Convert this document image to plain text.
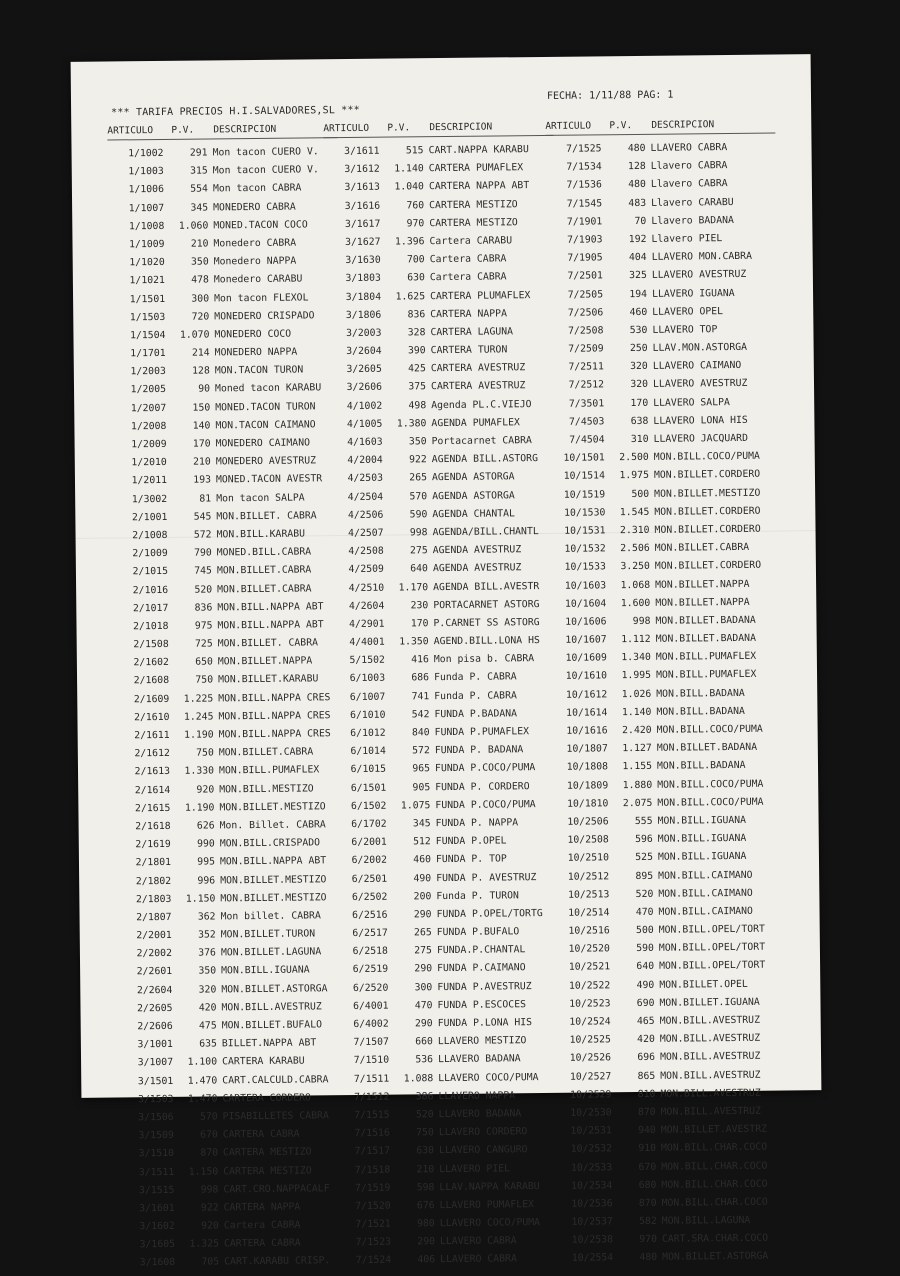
*** TARIFA PRECIOS H.I.SALVADORES,SL ***
FECHA: 1/11/88 PAG: 1
ARTICULO	P.V.	DESCRIPCION
1/1002	291 Mon tacon CUERO V.
1/1003	315 Mon tacon CUERO V.
1/1006	554 Mon tacon CABRA
1/1007	345 MONEDERO CABRA
1/1008	1.060 MONED.TACON COCO
1/1009	210 Monedero CABRA
1/1020	350 Monedero NAPPA
1/1021	478 Monedero CARABU
1/1501	300 Mon tacon FLEXOL
1/1503	720 MONEDERO CRISPADO
1/1504	1.070 MONEDERO COCO
1/1701	214 MONEDERO NAPPA
1/2003	128 MON.TACON TURON
1/2005	90 Moned tacon KARABU
1/2007	150 MONED.TACON TURON
1/2008	140 MON.TACON CAIMANO
1/2009	170 MONEDERO CAIMANO
1/2010	210 MONEDERO AVESTRUZ
1/2011	193 MONED.TACON AVESTR
1/3002	81 Mon tacon SALPA
2/1001	545 MON.BILLET. CABRA
2/1008	572 MON.BILL.KARABU
2/1009	790 MONED.BILL.CABRA
2/1015	745 MON.BILLET.CABRA
2/1016	520 MON.BILLET.CABRA
2/1017	836 MON.BILL.NAPPA ABT
2/1018	975 MON.BILL.NAPPA ABT
2/1508	725 MON.BILLET. CABRA
2/1602	650 MON.BILLET.NAPPA
2/1608	750 MON.BILLET.KARABU
2/1609	1.225 MON.BILL.NAPPA CRES
2/1610	1.245 MON.BILL.NAPPA CRES
2/1611	1.190 MON.BILL.NAPPA CRES
2/1612	750 MON.BILLET.CABRA
2/1613	1.330 MON.BILL.PUMAFLEX
2/1614	920 MON.BILL.MESTIZO
2/1615	1.190 MON.BILLET.MESTIZO
2/1618	626 Mon. Billet. CABRA
2/1619	990 MON.BILL.CRISPADO
2/1801	995 MON.BILL.NAPPA ABT
2/1802	996 MON.BILLET.MESTIZO
2/1803	1.150 MON.BILLET.MESTIZO
2/1807	362 Mon billet. CABRA
2/2001	352 MON.BILLET.TURON
2/2002	376 MON.BILLET.LAGUNA
2/2601	350 MON.BILL.IGUANA
2/2604	320 MON.BILLET.ASTORGA
2/2605	420 MON.BILL.AVESTRUZ
2/2606	475 MON.BILLET.BUFALO
3/1001	635 BILLET.NAPPA ABT
3/1007	1.100 CARTERA KARABU
3/1501	1.470 CART.CALCULD.CABRA
3/1503	1.470 CARTERA CORDERO
3/1506	570 PISABILLETES CABRA
3/1509	670 CARTERA CABRA
3/1510	870 CARTERA MESTIZO
3/1511	1.150 CARTERA MESTIZO
3/1515	998 CART.CRO.NAPPACALF
3/1601	922 CARTERA NAPPA
3/1602	920 Cartera CABRA
3/1605	1.325 CARTERA CABRA
3/1608	705 CART.KARABU CRISP.
ARTICULO	P.V.	DESCRIPCION
3/1611	515 CART.NAPPA KARABU
3/1612	1.140 CARTERA PUMAFLEX
3/1613	1.040 CARTERA NAPPA ABT
3/1616	760 CARTERA MESTIZO
3/1617	970 CARTERA MESTIZO
3/1627	1.396 Cartera CARABU
3/1630	700 Cartera CABRA
3/1803	630 Cartera CABRA
3/1804	1.625 CARTERA PLUMAFLEX
3/1806	836 CARTERA NAPPA
3/2003	328 CARTERA LAGUNA
3/2604	390 CARTERA TURON
3/2605	425 CARTERA AVESTRUZ
3/2606	375 CARTERA AVESTRUZ
4/1002	498 Agenda PL.C.VIEJO
4/1005	1.380 AGENDA PUMAFLEX
4/1603	350 Portacarnet CABRA
4/2004	922 AGENDA BILL.ASTORG
4/2503	265 AGENDA ASTORGA
4/2504	570 AGENDA ASTORGA
4/2506	590 AGENDA CHANTAL
4/2507	998 AGENDA/BILL.CHANTL
4/2508	275 AGENDA AVESTRUZ
4/2509	640 AGENDA AVESTRUZ
4/2510	1.170 AGENDA BILL.AVESTR
4/2604	230 PORTACARNET ASTORG
4/2901	170 P.CARNET SS ASTORG
4/4001	1.350 AGEND.BILL.LONA HS
5/1502	416 Mon pisa b. CABRA
6/1003	686 Funda P. CABRA
6/1007	741 Funda P. CABRA
6/1010	542 FUNDA P.BADANA
6/1012	840 FUNDA P.PUMAFLEX
6/1014	572 FUNDA P. BADANA
6/1015	965 FUNDA P.COCO/PUMA
6/1501	905 FUNDA P. CORDERO
6/1502	1.075 FUNDA P.COCO/PUMA
6/1702	345 FUNDA P. NAPPA
6/2001	512 FUNDA P.OPEL
6/2002	460 FUNDA P. TOP
6/2501	490 FUNDA P. AVESTRUZ
6/2502	200 Funda P. TURON
6/2516	290 FUNDA P.OPEL/TORTG
6/2517	265 FUNDA P.BUFALO
6/2518	275 FUNDA.P.CHANTAL
6/2519	290 FUNDA P.CAIMANO
6/2520	300 FUNDA P.AVESTRUZ
6/4001	470 FUNDA P.ESCOCES
6/4002	290 FUNDA P.LONA HIS
7/1507	660 LLAVERO MESTIZO
7/1510	536 LLAVERO BADANA
7/1511	1.088 LLAVERO COCO/PUMA
7/1512	386 LLAVERO NAPPA
7/1515	520 LLAVERO BADANA
7/1516	750 LLAVERO CORDERO
7/1517	630 LLAVERO CANGURO
7/1518	210 LLAVERO PIEL
7/1519	598 LLAV.NAPPA KARABU
7/1520	676 LLAVERO PUMAFLEX
7/1521	980 LLAVERO COCO/PUMA
7/1523	290 LLAVERO CABRA
7/1524	406 LLAVERO CABRA
ARTICULO	P.V.	DESCRIPCION
7/1525	480 LLAVERO CABRA
7/1534	128 Llavero CABRA
7/1536	480 Llavero CABRA
7/1545	483 Llavero CARABU
7/1901	70 Llavero BADANA
7/1903	192 Llavero PIEL
7/1905	404 LLAVERO MON.CABRA
7/2501	325 LLAVERO AVESTRUZ
7/2505	194 LLAVERO IGUANA
7/2506	460 LLAVERO OPEL
7/2508	530 LLAVERO TOP
7/2509	250 LLAV.MON.ASTORGA
7/2511	320 LLAVERO CAIMANO
7/2512	320 LLAVERO AVESTRUZ
7/3501	170 LLAVERO SALPA
7/4503	638 LLAVERO LONA HIS
7/4504	310 LLAVERO JACQUARD
10/1501	2.500 MON.BILL.COCO/PUMA
10/1514	1.975 MON.BILLET.CORDERO
10/1519	500 MON.BILLET.MESTIZO
10/1530	1.545 MON.BILLET.CORDERO
10/1531	2.310 MON.BILLET.CORDERO
10/1532	2.506 MON.BILLET.CABRA
10/1533	3.250 MON.BILLET.CORDERO
10/1603	1.068 MON.BILLET.NAPPA
10/1604	1.600 MON.BILLET.NAPPA
10/1606	998 MON.BILLET.BADANA
10/1607	1.112 MON.BILLET.BADANA
10/1609	1.340 MON.BILL.PUMAFLEX
10/1610	1.995 MON.BILL.PUMAFLEX
10/1612	1.026 MON.BILL.BADANA
10/1614	1.140 MON.BILL.BADANA
10/1616	2.420 MON.BILL.COCO/PUMA
10/1807	1.127 MON.BILLET.BADANA
10/1808	1.155 MON.BILL.BADANA
10/1809	1.880 MON.BILL.COCO/PUMA
10/1810	2.075 MON.BILL.COCO/PUMA
10/2506	555 MON.BILL.IGUANA
10/2508	596 MON.BILL.IGUANA
10/2510	525 MON.BILL.IGUANA
10/2512	895 MON.BILL.CAIMANO
10/2513	520 MON.BILL.CAIMANO
10/2514	470 MON.BILL.CAIMANO
10/2516	500 MON.BILL.OPEL/TORT
10/2520	590 MON.BILL.OPEL/TORT
10/2521	640 MON.BILL.OPEL/TORT
10/2522	490 MON.BILLET.OPEL
10/2523	690 MON.BILLET.IGUANA
10/2524	465 MON.BILL.AVESTRUZ
10/2525	420 MON.BILL.AVESTRUZ
10/2526	696 MON.BILL.AVESTRUZ
10/2527	865 MON.BILL.AVESTRUZ
10/2529	810 MON.BILL.AVESTRUZ
10/2530	870 MON.BILL.AVESTRUZ
10/2531	940 MON.BILLET.AVESTRZ
10/2532	910 MON.BILL.CHAR.COCO
10/2533	670 MON.BILL.CHAR.COCO
10/2534	680 MON.BILL.CHAR.COCO
10/2536	870 MON.BILL.CHAR.COCO
10/2537	582 MON.BILL.LAGUNA
10/2538	970 CART.SRA.CHAR.COCO
10/2554	480 MON.BILLET.ASTORGA
